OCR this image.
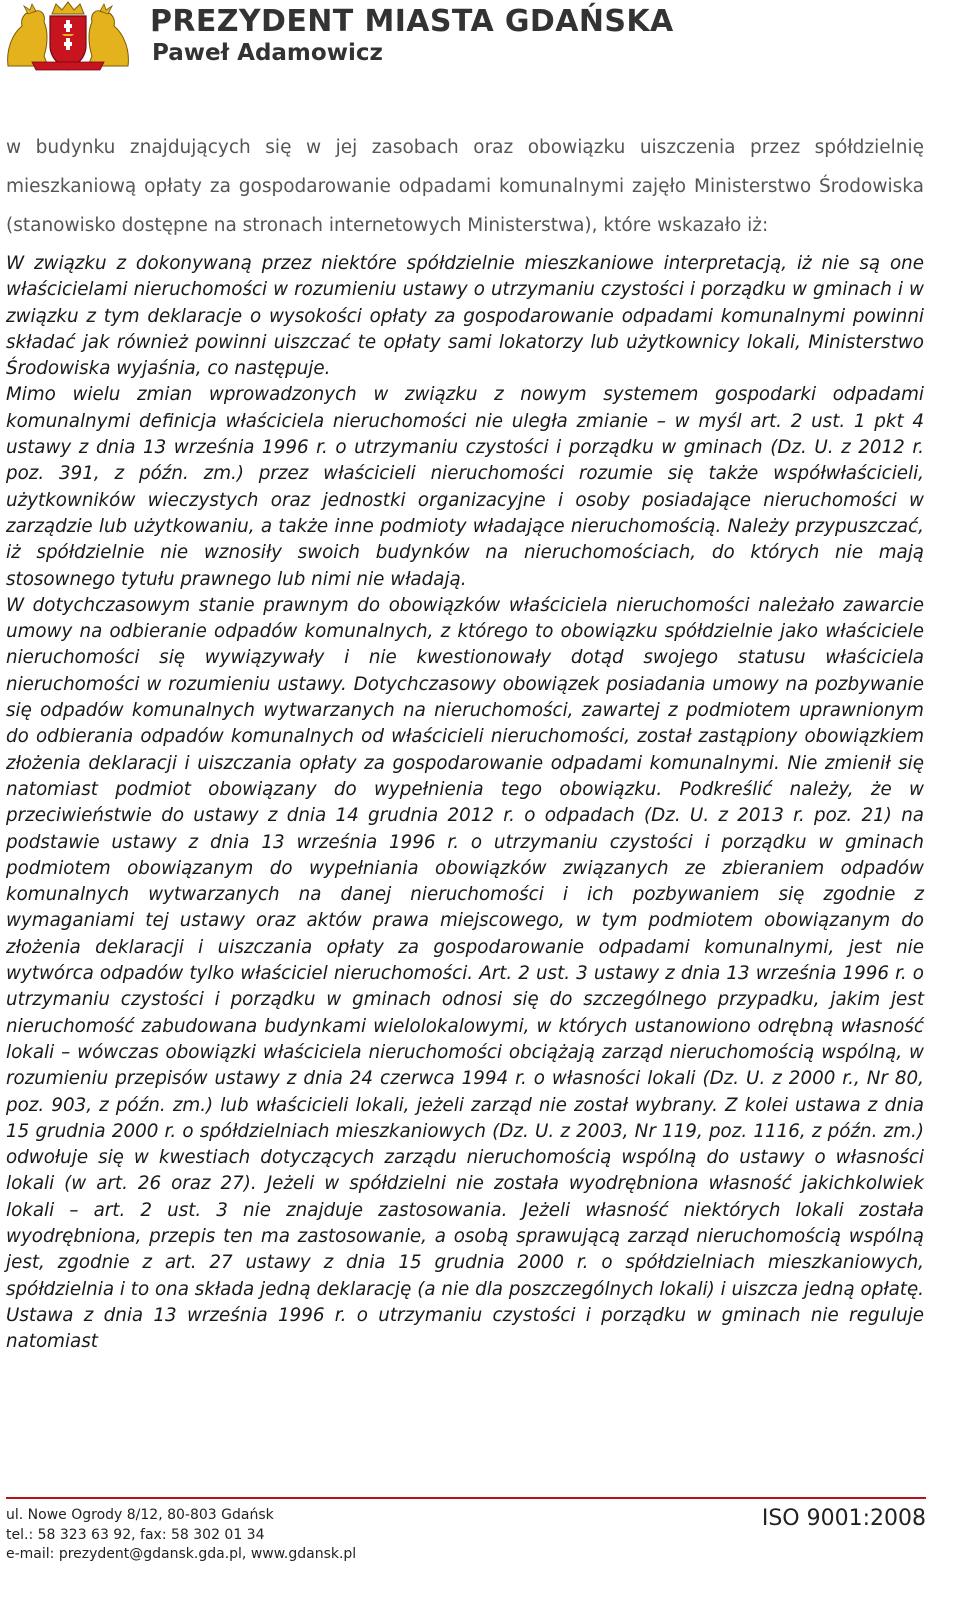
PREZYDENT MIASTA GDAŃSKA
Paweł Adamowicz

w budynku znajdujących się w jej zasobach oraz obowiązku uiszczenia przez spółdzielnię mieszkaniową opłaty za gospodarowanie odpadami komunalnymi zajęło Ministerstwo Środowiska (stanowisko dostępne na stronach internetowych Ministerstwa), które wskazało iż:

W związku z dokonywaną przez niektóre spółdzielnie mieszkaniowe interpretacją, iż nie są one właścicielami nieruchomości w rozumieniu ustawy o utrzymaniu czystości i porządku w gminach i w związku z tym deklaracje o wysokości opłaty za gospodarowanie odpadami komunalnymi powinni składać jak również powinni uiszczać te opłaty sami lokatorzy lub użytkownicy lokali, Ministerstwo Środowiska wyjaśnia, co następuje.
Mimo wielu zmian wprowadzonych w związku z nowym systemem gospodarki odpadami komunalnymi definicja właściciela nieruchomości nie uległa zmianie – w myśl art. 2 ust. 1 pkt 4 ustawy z dnia 13 września 1996 r. o utrzymaniu czystości i porządku w gminach (Dz. U. z 2012 r. poz. 391, z późn. zm.) przez właścicieli nieruchomości rozumie się także współwłaścicieli, użytkowników wieczystych oraz jednostki organizacyjne i osoby posiadające nieruchomości w zarządzie lub użytkowaniu, a także inne podmioty władające nieruchomością. Należy przypuszczać, iż spółdzielnie nie wznosiły swoich budynków na nieruchomościach, do których nie mają stosownego tytułu prawnego lub nimi nie władają.
W dotychczasowym stanie prawnym do obowiązków właściciela nieruchomości należało zawarcie umowy na odbieranie odpadów komunalnych, z którego to obowiązku spółdzielnie jako właściciele nieruchomości się wywiązywały i nie kwestionowały dotąd swojego statusu właściciela nieruchomości w rozumieniu ustawy. Dotychczasowy obowiązek posiadania umowy na pozbywanie się odpadów komunalnych wytwarzanych na nieruchomości, zawartej z podmiotem uprawnionym do odbierania odpadów komunalnych od właścicieli nieruchomości, został zastąpiony obowiązkiem złożenia deklaracji i uiszczania opłaty za gospodarowanie odpadami komunalnymi. Nie zmienił się natomiast podmiot obowiązany do wypełnienia tego obowiązku. Podkreślić należy, że w przeciwieństwie do ustawy z dnia 14 grudnia 2012 r. o odpadach (Dz. U. z 2013 r. poz. 21) na podstawie ustawy z dnia 13 września 1996 r. o utrzymaniu czystości i porządku w gminach podmiotem obowiązanym do wypełniania obowiązków związanych ze zbieraniem odpadów komunalnych wytwarzanych na danej nieruchomości i ich pozbywaniem się zgodnie z wymaganiami tej ustawy oraz aktów prawa miejscowego, w tym podmiotem obowiązanym do złożenia deklaracji i uiszczania opłaty za gospodarowanie odpadami komunalnymi, jest nie wytwórca odpadów tylko właściciel nieruchomości. Art. 2 ust. 3 ustawy z dnia 13 września 1996 r. o utrzymaniu czystości i porządku w gminach odnosi się do szczególnego przypadku, jakim jest nieruchomość zabudowana budynkami wielolokalowymi, w których ustanowiono odrębną własność lokali – wówczas obowiązki właściciela nieruchomości obciążają zarząd nieruchomością wspólną, w rozumieniu przepisów ustawy z dnia 24 czerwca 1994 r. o własności lokali (Dz. U. z 2000 r., Nr 80, poz. 903, z późn. zm.) lub właścicieli lokali, jeżeli zarząd nie został wybrany. Z kolei ustawa z dnia 15 grudnia 2000 r. o spółdzielniach mieszkaniowych (Dz. U. z 2003, Nr 119, poz. 1116, z późn. zm.) odwołuje się w kwestiach dotyczących zarządu nieruchomością wspólną do ustawy o własności lokali (w art. 26 oraz 27). Jeżeli w spółdzielni nie została wyodrębniona własność jakichkolwiek lokali – art. 2 ust. 3 nie znajduje zastosowania. Jeżeli własność niektórych lokali została wyodrębniona, przepis ten ma zastosowanie, a osobą sprawującą zarząd nieruchomością wspólną jest, zgodnie z art. 27 ustawy z dnia 15 grudnia 2000 r. o spółdzielniach mieszkaniowych, spółdzielnia i to ona składa jedną deklarację (a nie dla poszczególnych lokali) i uiszcza jedną opłatę. Ustawa z dnia 13 września 1996 r. o utrzymaniu czystości i porządku w gminach nie reguluje natomiast
ul. Nowe Ogrody 8/12, 80-803 Gdańsk
tel.: 58 323 63 92, fax: 58 302 01 34
e-mail: prezydent@gdansk.gda.pl, www.gdansk.pl
ISO 9001:2008
